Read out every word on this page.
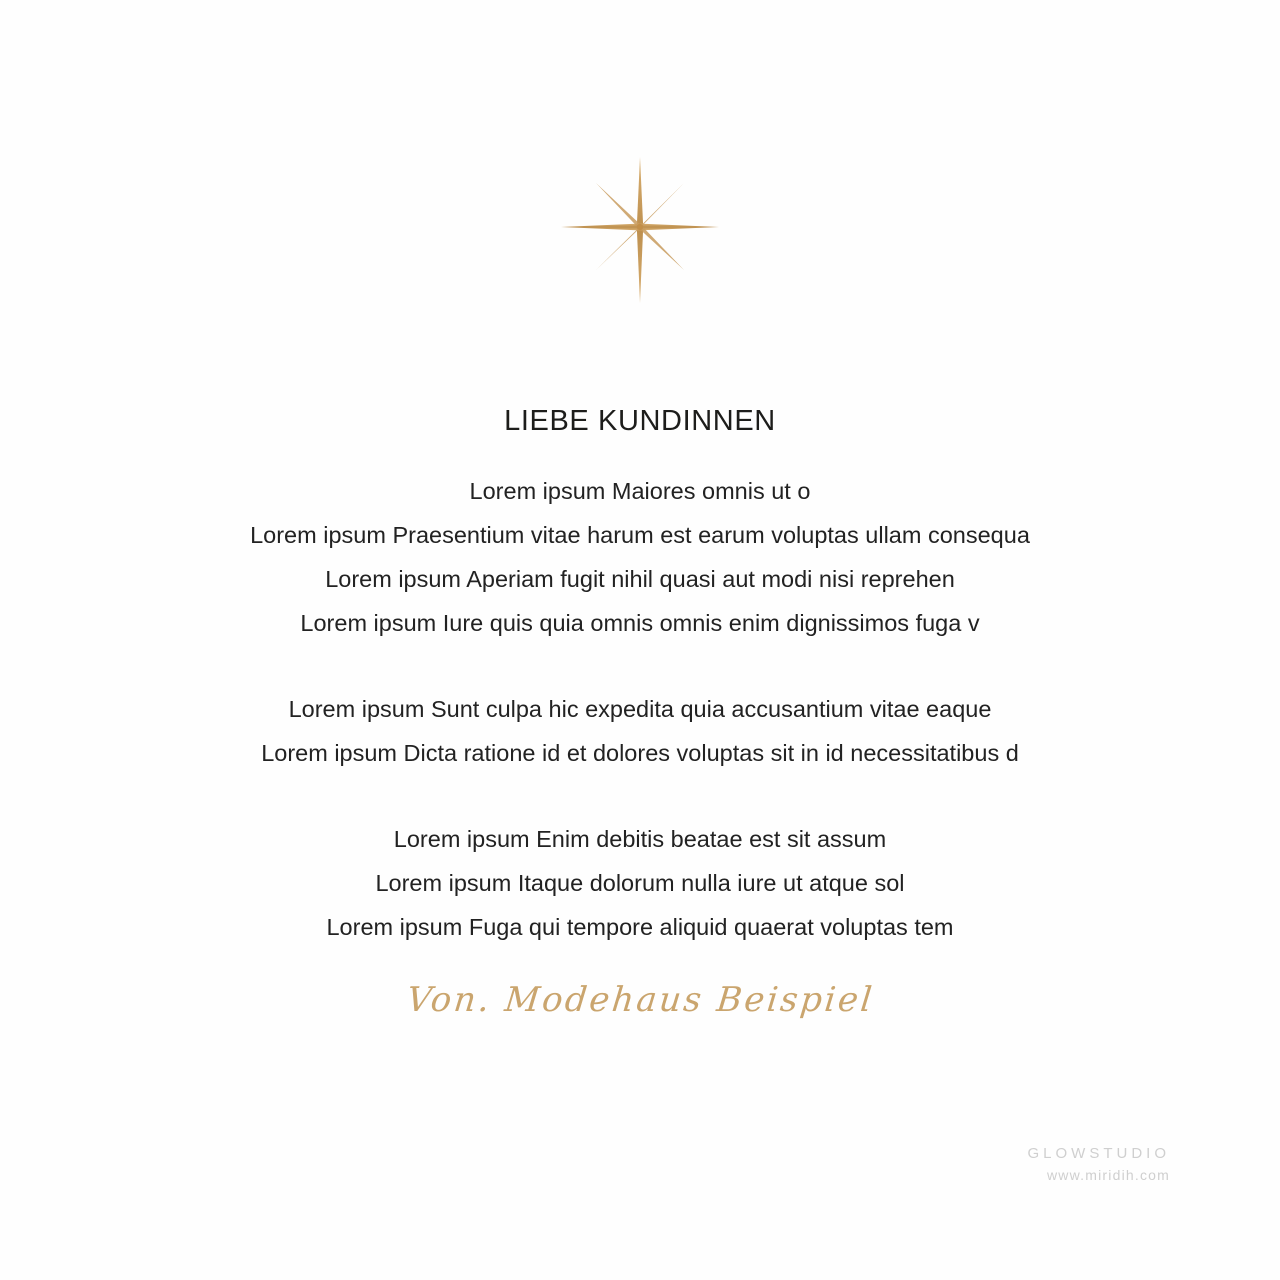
LIEBE KUNDINNEN
Lorem ipsum Maiores omnis ut o
Lorem ipsum Praesentium vitae harum est earum voluptas ullam consequa
Lorem ipsum Aperiam fugit nihil quasi aut modi nisi reprehen
Lorem ipsum Iure quis quia omnis omnis enim dignissimos fuga v
Lorem ipsum Sunt culpa hic expedita quia accusantium vitae eaque
Lorem ipsum Dicta ratione id et dolores voluptas sit in id necessitatibus d
Lorem ipsum Enim debitis beatae est sit assum
Lorem ipsum Itaque dolorum nulla iure ut atque sol
Lorem ipsum Fuga qui tempore aliquid quaerat voluptas tem
Von. Modehaus Beispiel
GLOWSTUDIO
www.miridih.com
